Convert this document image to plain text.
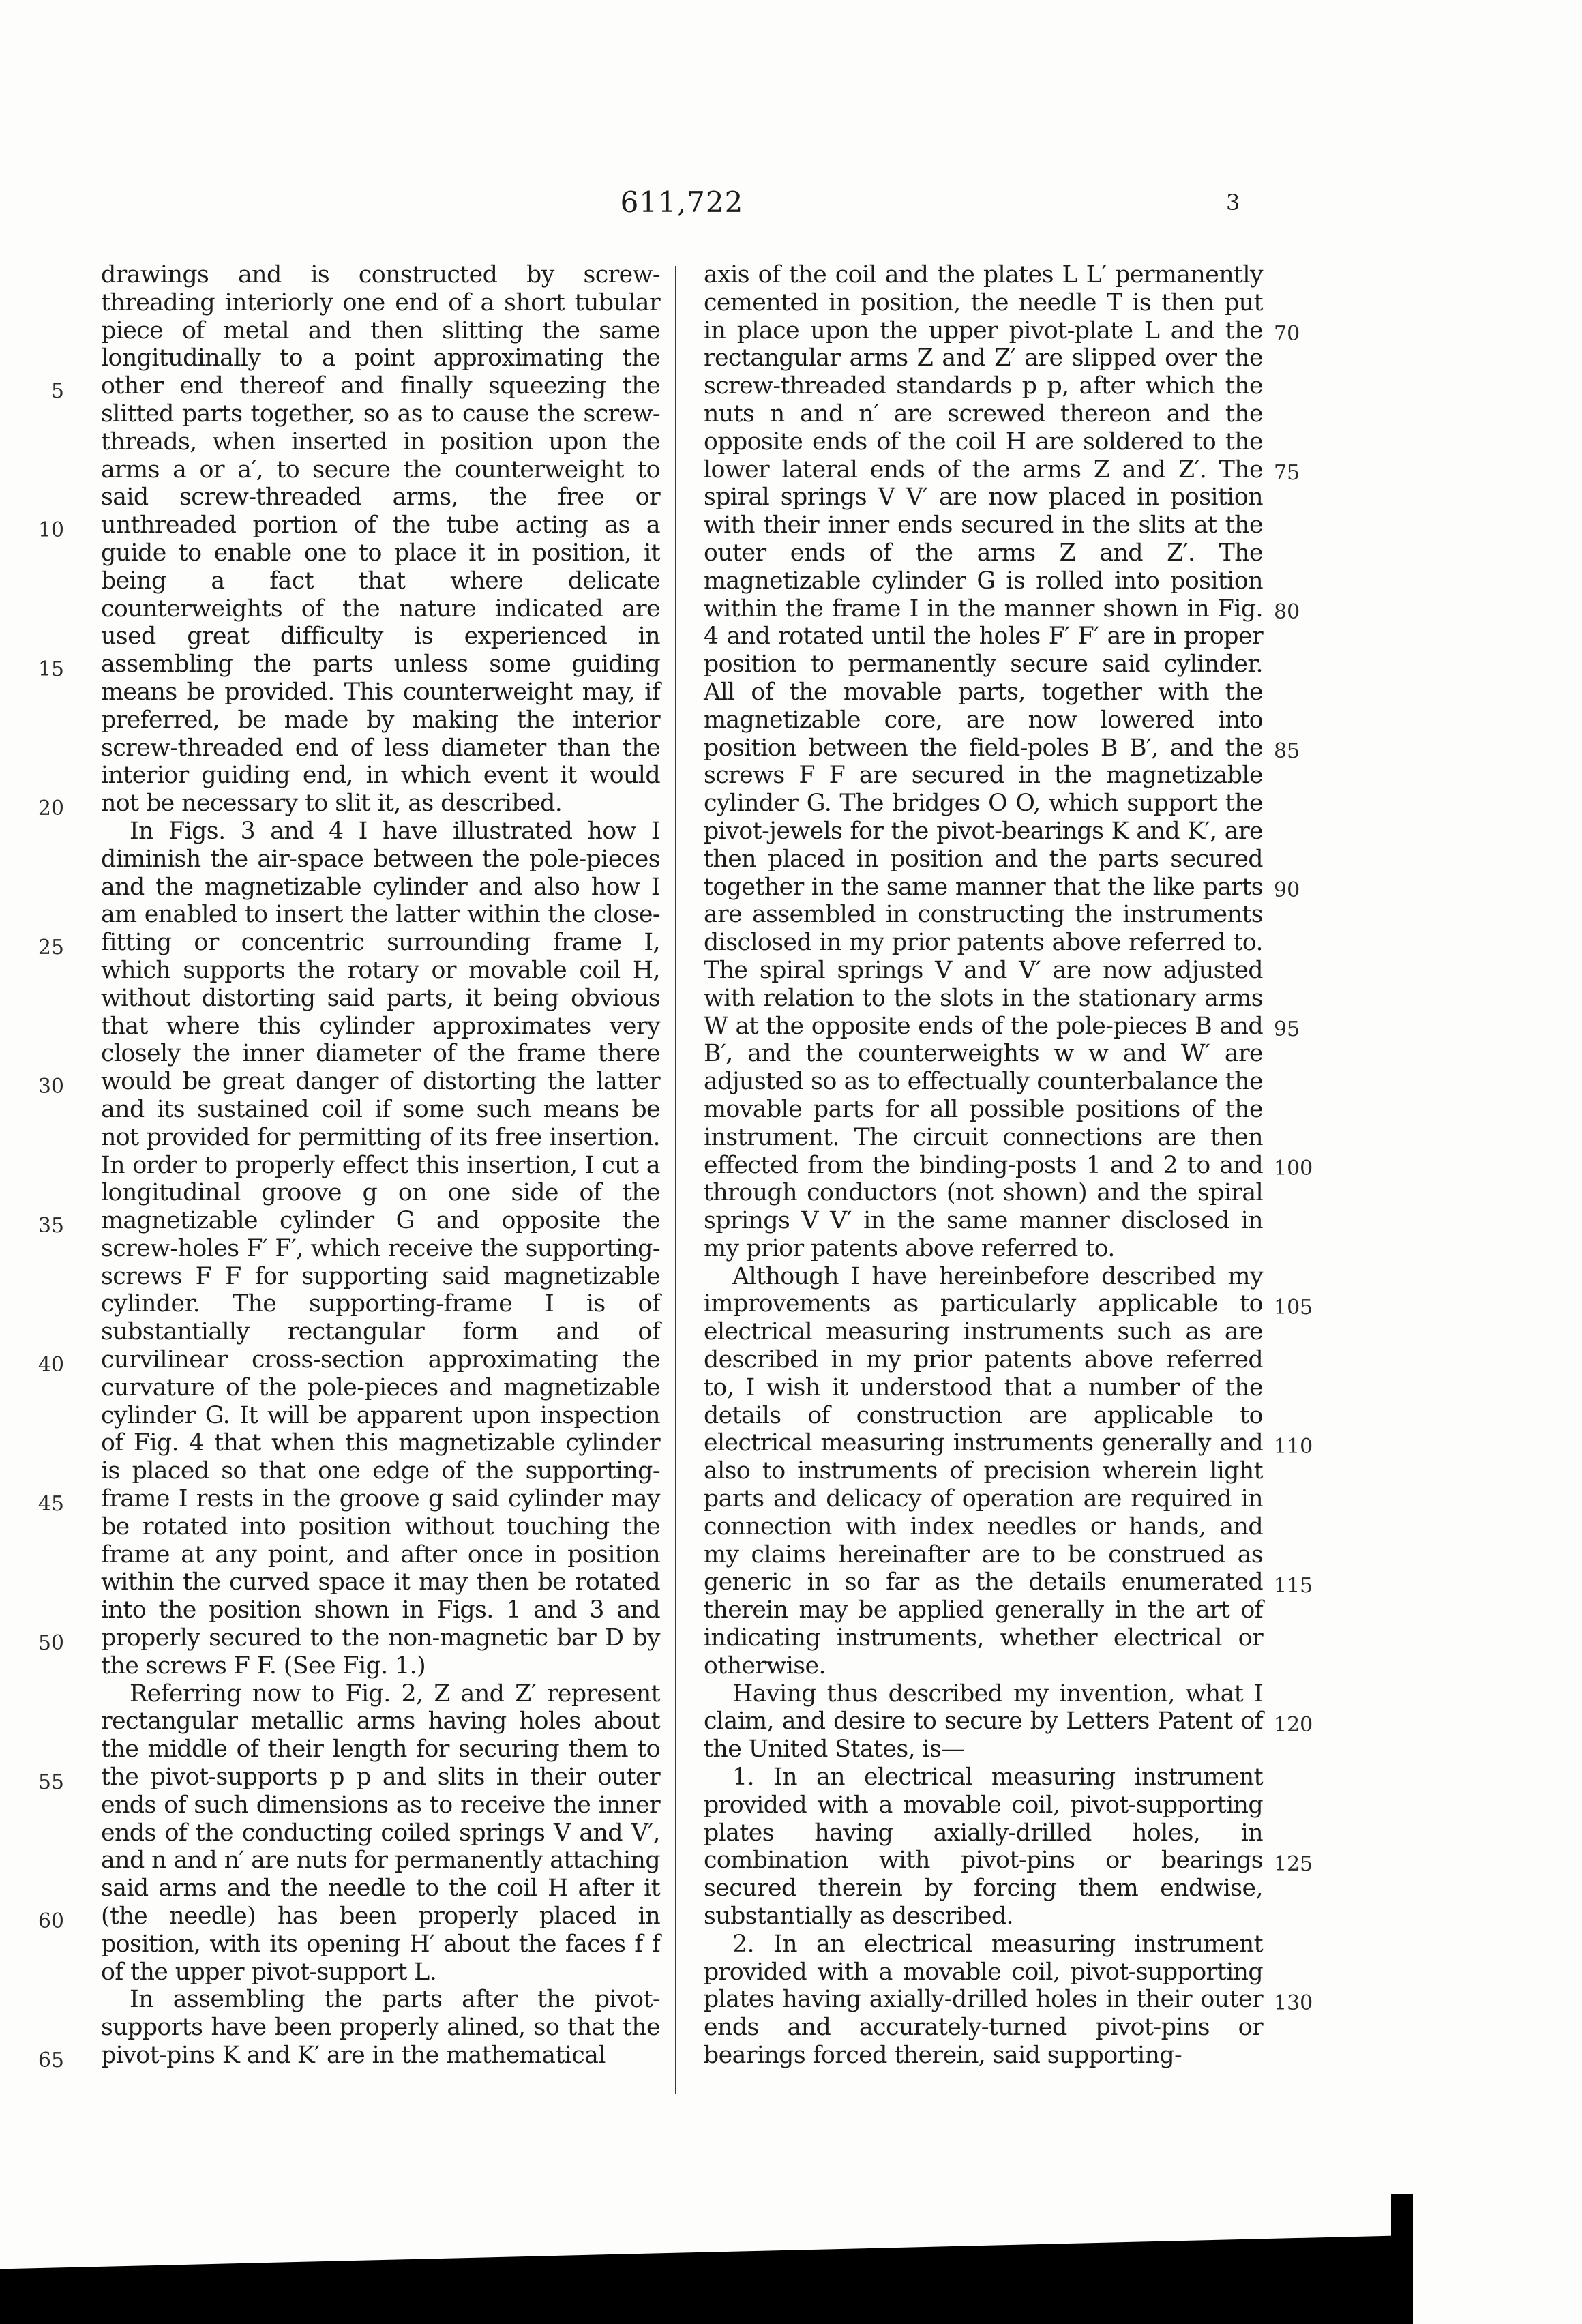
611,722	3

drawings and is constructed by screw-threading interiorly one end of a short tubular piece of metal and then slitting the same longitudinally to a point approximating the other end thereof and finally squeezing the slitted parts together, so as to cause the screw-threads, when inserted in position upon the arms a or a′, to secure the counterweight to said screw-threaded arms, the free or unthreaded portion of the tube acting as a guide to enable one to place it in position, it being a fact that where delicate counterweights of the nature indicated are used great difficulty is experienced in assembling the parts unless some guiding means be provided. This counterweight may, if preferred, be made by making the interior screw-threaded end of less diameter than the interior guiding end, in which event it would not be necessary to slit it, as described.

In Figs. 3 and 4 I have illustrated how I diminish the air-space between the pole-pieces and the magnetizable cylinder and also how I am enabled to insert the latter within the close-fitting or concentric surrounding frame I, which supports the rotary or movable coil H, without distorting said parts, it being obvious that where this cylinder approximates very closely the inner diameter of the frame there would be great danger of distorting the latter and its sustained coil if some such means be not provided for permitting of its free insertion. In order to properly effect this insertion, I cut a longitudinal groove g on one side of the magnetizable cylinder G and opposite the screw-holes F′ F′, which receive the supporting-screws F F for supporting said magnetizable cylinder. The supporting-frame I is of substantially rectangular form and of curvilinear cross-section approximating the curvature of the pole-pieces and magnetizable cylinder G. It will be apparent upon inspection of Fig. 4 that when this magnetizable cylinder is placed so that one edge of the supporting-frame I rests in the groove g said cylinder may be rotated into position without touching the frame at any point, and after once in position within the curved space it may then be rotated into the position shown in Figs. 1 and 3 and properly secured to the non-magnetic bar D by the screws F F. (See Fig. 1.)

Referring now to Fig. 2, Z and Z′ represent rectangular metallic arms having holes about the middle of their length for securing them to the pivot-supports p p and slits in their outer ends of such dimensions as to receive the inner ends of the conducting coiled springs V and V′, and n and n′ are nuts for permanently attaching said arms and the needle to the coil H after it (the needle) has been properly placed in position, with its opening H′ about the faces f f of the upper pivot-support L.

In assembling the parts after the pivot-supports have been properly alined, so that the pivot-pins K and K′ are in the mathematical

axis of the coil and the plates L L′ permanently cemented in position, the needle T is then put in place upon the upper pivot-plate L and the rectangular arms Z and Z′ are slipped over the screw-threaded standards p p, after which the nuts n and n′ are screwed thereon and the opposite ends of the coil H are soldered to the lower lateral ends of the arms Z and Z′. The spiral springs V V′ are now placed in position with their inner ends secured in the slits at the outer ends of the arms Z and Z′. The magnetizable cylinder G is rolled into position within the frame I in the manner shown in Fig. 4 and rotated until the holes F′ F′ are in proper position to permanently secure said cylinder. All of the movable parts, together with the magnetizable core, are now lowered into position between the field-poles B B′, and the screws F F are secured in the magnetizable cylinder G. The bridges O O, which support the pivot-jewels for the pivot-bearings K and K′, are then placed in position and the parts secured together in the same manner that the like parts are assembled in constructing the instruments disclosed in my prior patents above referred to. The spiral springs V and V′ are now adjusted with relation to the slots in the stationary arms W at the opposite ends of the pole-pieces B and B′, and the counterweights w w and W′ are adjusted so as to effectually counterbalance the movable parts for all possible positions of the instrument. The circuit connections are then effected from the binding-posts 1 and 2 to and through conductors (not shown) and the spiral springs V V′ in the same manner disclosed in my prior patents above referred to.

Although I have hereinbefore described my improvements as particularly applicable to electrical measuring instruments such as are described in my prior patents above referred to, I wish it understood that a number of the details of construction are applicable to electrical measuring instruments generally and also to instruments of precision wherein light parts and delicacy of operation are required in connection with index needles or hands, and my claims hereinafter are to be construed as generic in so far as the details enumerated therein may be applied generally in the art of indicating instruments, whether electrical or otherwise.

Having thus described my invention, what I claim, and desire to secure by Letters Patent of the United States, is—

1. In an electrical measuring instrument provided with a movable coil, pivot-supporting plates having axially-drilled holes, in combination with pivot-pins or bearings secured therein by forcing them endwise, substantially as described.

2. In an electrical measuring instrument provided with a movable coil, pivot-supporting plates having axially-drilled holes in their outer ends and accurately-turned pivot-pins or bearings forced therein, said supporting-

5
10
15
20
25
30
35
40
45
50
55
60
65
70
75
80
85
90
95
100
105
110
115
120
125
130
